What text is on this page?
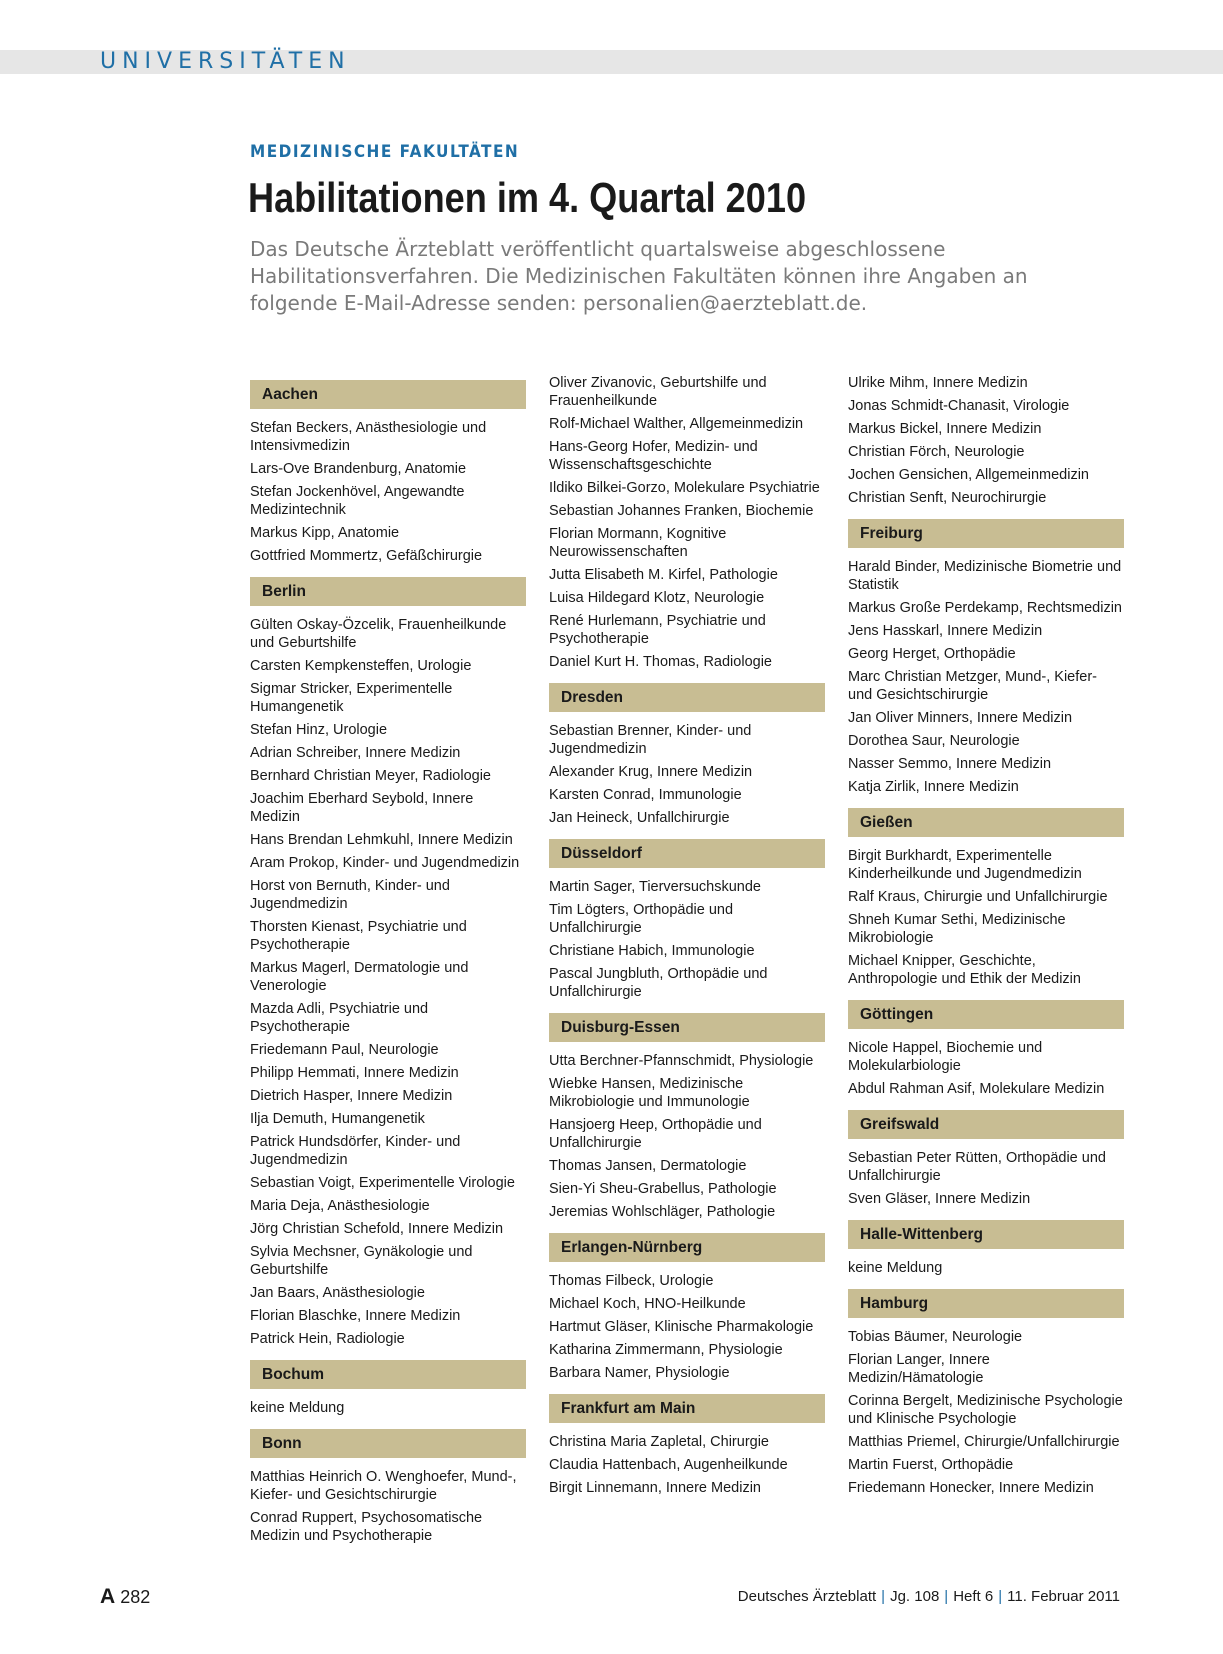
UNIVERSITÄTEN
MEDIZINISCHE FAKULTÄTEN
Habilitationen im 4. Quartal 2010
Das Deutsche Ärzteblatt veröffentlicht quartalsweise abgeschlossene Habilitationsverfahren. Die Medizinischen Fakultäten können ihre Angaben an folgende E-Mail-Adresse senden: personalien@aerzteblatt.de.
Aachen
Stefan Beckers, Anästhesiologie und Intensivmedizin
Lars-Ove Brandenburg, Anatomie
Stefan Jockenhövel, Angewandte Medizintechnik
Markus Kipp, Anatomie
Gottfried Mommertz, Gefäßchirurgie
Berlin
Gülten Oskay-Özcelik, Frauenheilkunde und Geburtshilfe
Carsten Kempkensteffen, Urologie
Sigmar Stricker, Experimentelle Humangenetik
Stefan Hinz, Urologie
Adrian Schreiber, Innere Medizin
Bernhard Christian Meyer, Radiologie
Joachim Eberhard Seybold, Innere Medizin
Hans Brendan Lehmkuhl, Innere Medizin
Aram Prokop, Kinder- und Jugendmedizin
Horst von Bernuth, Kinder- und Jugendmedizin
Thorsten Kienast, Psychiatrie und Psychotherapie
Markus Magerl, Dermatologie und Venerologie
Mazda Adli, Psychiatrie und Psychotherapie
Friedemann Paul, Neurologie
Philipp Hemmati, Innere Medizin
Dietrich Hasper, Innere Medizin
Ilja Demuth, Humangenetik
Patrick Hundsdörfer, Kinder- und Jugendmedizin
Sebastian Voigt, Experimentelle Virologie
Maria Deja, Anästhesiologie
Jörg Christian Schefold, Innere Medizin
Sylvia Mechsner, Gynäkologie und Geburtshilfe
Jan Baars, Anästhesiologie
Florian Blaschke, Innere Medizin
Patrick Hein, Radiologie
Bochum
keine Meldung
Bonn
Matthias Heinrich O. Wenghoefer, Mund-, Kiefer- und Gesichtschirurgie
Conrad Ruppert, Psychosomatische Medizin und Psychotherapie
Oliver Zivanovic, Geburtshilfe und Frauenheilkunde
Rolf-Michael Walther, Allgemeinmedizin
Hans-Georg Hofer, Medizin- und Wissenschaftsgeschichte
Ildiko Bilkei-Gorzo, Molekulare Psychiatrie
Sebastian Johannes Franken, Biochemie
Florian Mormann, Kognitive Neurowissenschaften
Jutta Elisabeth M. Kirfel, Pathologie
Luisa Hildegard Klotz, Neurologie
René Hurlemann, Psychiatrie und Psychotherapie
Daniel Kurt H. Thomas, Radiologie
Dresden
Sebastian Brenner, Kinder- und Jugendmedizin
Alexander Krug, Innere Medizin
Karsten Conrad, Immunologie
Jan Heineck, Unfallchirurgie
Düsseldorf
Martin Sager, Tierversuchskunde
Tim Lögters, Orthopädie und Unfallchirurgie
Christiane Habich, Immunologie
Pascal Jungbluth, Orthopädie und Unfallchirurgie
Duisburg-Essen
Utta Berchner-Pfannschmidt, Physiologie
Wiebke Hansen, Medizinische Mikrobiologie und Immunologie
Hansjoerg Heep, Orthopädie und Unfallchirurgie
Thomas Jansen, Dermatologie
Sien-Yi Sheu-Grabellus, Pathologie
Jeremias Wohlschläger, Pathologie
Erlangen-Nürnberg
Thomas Filbeck, Urologie
Michael Koch, HNO-Heilkunde
Hartmut Gläser, Klinische Pharmakologie
Katharina Zimmermann, Physiologie
Barbara Namer, Physiologie
Frankfurt am Main
Christina Maria Zapletal, Chirurgie
Claudia Hattenbach, Augenheilkunde
Birgit Linnemann, Innere Medizin
Ulrike Mihm, Innere Medizin
Jonas Schmidt-Chanasit, Virologie
Markus Bickel, Innere Medizin
Christian Förch, Neurologie
Jochen Gensichen, Allgemeinmedizin
Christian Senft, Neurochirurgie
Freiburg
Harald Binder, Medizinische Biometrie und Statistik
Markus Große Perdekamp, Rechtsmedizin
Jens Hasskarl, Innere Medizin
Georg Herget, Orthopädie
Marc Christian Metzger, Mund-, Kiefer- und Gesichtschirurgie
Jan Oliver Minners, Innere Medizin
Dorothea Saur, Neurologie
Nasser Semmo, Innere Medizin
Katja Zirlik, Innere Medizin
Gießen
Birgit Burkhardt, Experimentelle Kinderheilkunde und Jugendmedizin
Ralf Kraus, Chirurgie und Unfallchirurgie
Shneh Kumar Sethi, Medizinische Mikrobiologie
Michael Knipper, Geschichte, Anthropologie und Ethik der Medizin
Göttingen
Nicole Happel, Biochemie und Molekularbiologie
Abdul Rahman Asif, Molekulare Medizin
Greifswald
Sebastian Peter Rütten, Orthopädie und Unfallchirurgie
Sven Gläser, Innere Medizin
Halle-Wittenberg
keine Meldung
Hamburg
Tobias Bäumer, Neurologie
Florian Langer, Innere Medizin/Hämatologie
Corinna Bergelt, Medizinische Psychologie und Klinische Psychologie
Matthias Priemel, Chirurgie/Unfallchirurgie
Martin Fuerst, Orthopädie
Friedemann Honecker, Innere Medizin
A 282	Deutsches Ärzteblatt | Jg. 108 | Heft 6 | 11. Februar 2011
